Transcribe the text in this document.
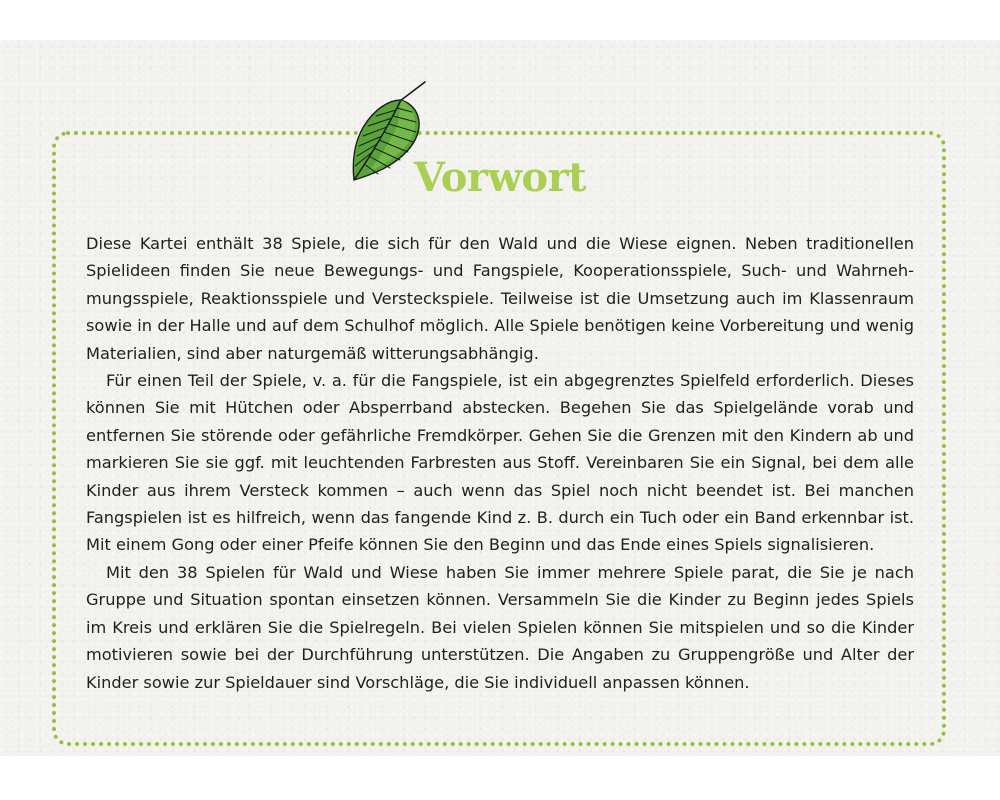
Vorwort

Diese Kartei enthält 38 Spiele, die sich für den Wald und die Wiese eignen. Neben traditionellen Spielideen finden Sie neue Bewegungs- und Fangspiele, Kooperationsspiele, Such- und Wahrnehmungsspiele, Reaktionsspiele und Versteckspiele. Teilweise ist die Umsetzung auch im Klassenraum sowie in der Halle und auf dem Schulhof möglich. Alle Spiele benötigen keine Vorbereitung und wenig Materialien, sind aber naturgemäß witterungsabhängig.

Für einen Teil der Spiele, v. a. für die Fangspiele, ist ein abgegrenztes Spielfeld erforderlich. Dieses können Sie mit Hütchen oder Absperrband abstecken. Begehen Sie das Spielgelände vorab und entfernen Sie störende oder gefährliche Fremdkörper. Gehen Sie die Grenzen mit den Kindern ab und markieren Sie sie ggf. mit leuchtenden Farbresten aus Stoff. Vereinbaren Sie ein Signal, bei dem alle Kinder aus ihrem Versteck kommen – auch wenn das Spiel noch nicht beendet ist. Bei manchen Fangspielen ist es hilfreich, wenn das fangende Kind z. B. durch ein Tuch oder ein Band erkennbar ist. Mit einem Gong oder einer Pfeife können Sie den Beginn und das Ende eines Spiels signalisieren.

Mit den 38 Spielen für Wald und Wiese haben Sie immer mehrere Spiele parat, die Sie je nach Gruppe und Situation spontan einsetzen können. Versammeln Sie die Kinder zu Beginn jedes Spiels im Kreis und erklären Sie die Spielregeln. Bei vielen Spielen können Sie mitspielen und so die Kinder motivieren sowie bei der Durchführung unterstützen. Die Angaben zu Gruppengröße und Alter der Kinder sowie zur Spieldauer sind Vorschläge, die Sie individuell anpassen können.
